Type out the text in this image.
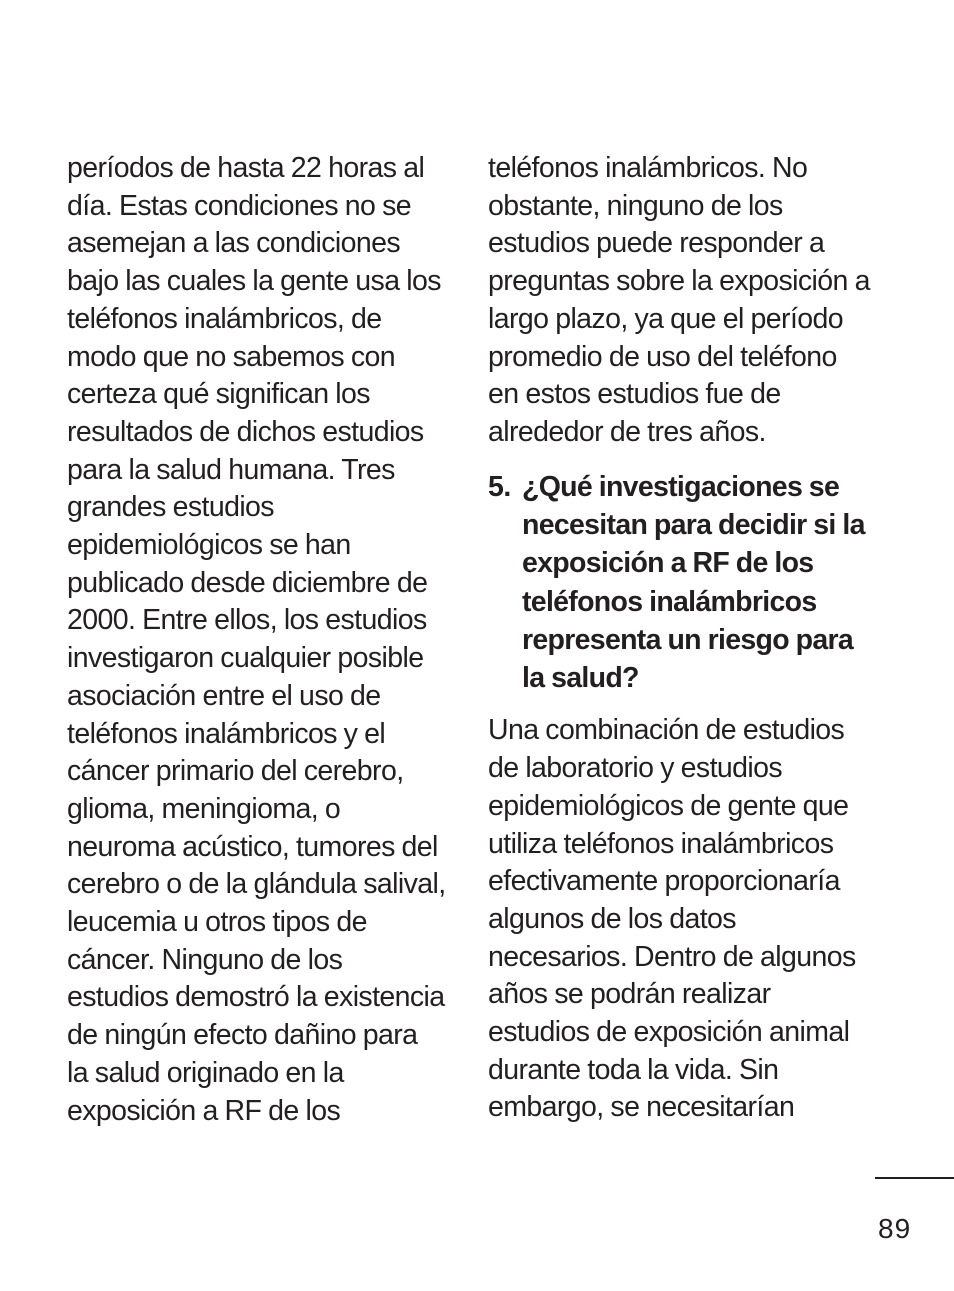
períodos de hasta 22 horas al
día. Estas condiciones no se
asemejan a las condiciones
bajo las cuales la gente usa los
teléfonos inalámbricos, de
modo que no sabemos con
certeza qué significan los
resultados de dichos estudios
para la salud humana. Tres
grandes estudios
epidemiológicos se han
publicado desde diciembre de
2000. Entre ellos, los estudios
investigaron cualquier posible
asociación entre el uso de
teléfonos inalámbricos y el
cáncer primario del cerebro,
glioma, meningioma, o
neuroma acústico, tumores del
cerebro o de la glándula salival,
leucemia u otros tipos de
cáncer. Ninguno de los
estudios demostró la existencia
de ningún efecto dañino para
la salud originado en la
exposición a RF de los

teléfonos inalámbricos. No
obstante, ninguno de los
estudios puede responder a
preguntas sobre la exposición a
largo plazo, ya que el período
promedio de uso del teléfono
en estos estudios fue de
alrededor de tres años.

5. ¿Qué investigaciones se
necesitan para decidir si la
exposición a RF de los
teléfonos inalámbricos
representa un riesgo para
la salud?

Una combinación de estudios
de laboratorio y estudios
epidemiológicos de gente que
utiliza teléfonos inalámbricos
efectivamente proporcionaría
algunos de los datos
necesarios. Dentro de algunos
años se podrán realizar
estudios de exposición animal
durante toda la vida. Sin
embargo, se necesitarían

89
